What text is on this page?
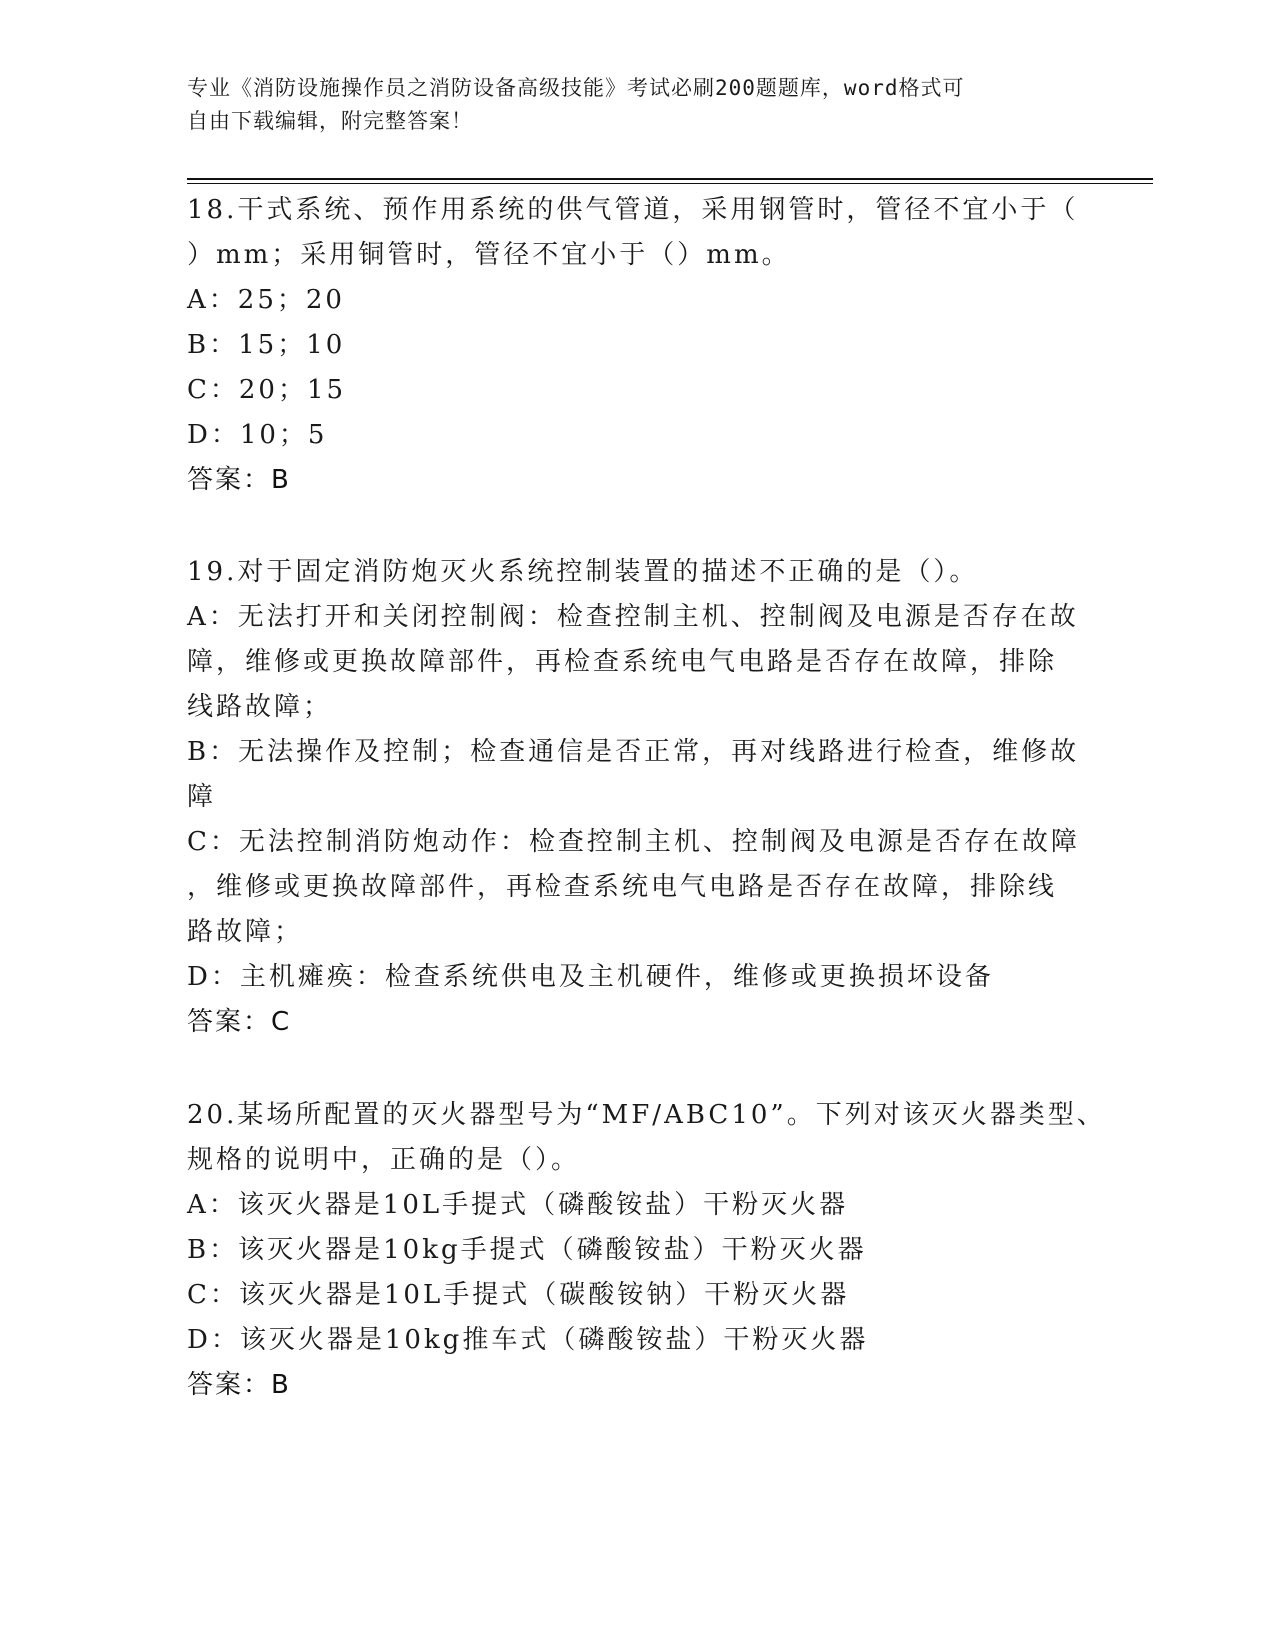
专业《消防设施操作员之消防设备高级技能》考试必刷200题题库，word格式可
自由下载编辑，附完整答案！

18.干式系统、预作用系统的供气管道，采用钢管时，管径不宜小于（

）mm；采用铜管时，管径不宜小于（）mm。

A：25；20

B：15；10

C：20；15

D：10；5

答案：B

19.对于固定消防炮灭火系统控制装置的描述不正确的是（）。

A：无法打开和关闭控制阀：检查控制主机、控制阀及电源是否存在故

障，维修或更换故障部件，再检查系统电气电路是否存在故障，排除

线路故障；

B：无法操作及控制；检查通信是否正常，再对线路进行检查，维修故

障

C：无法控制消防炮动作：检查控制主机、控制阀及电源是否存在故障

，维修或更换故障部件，再检查系统电气电路是否存在故障，排除线

路故障；

D：主机瘫痪：检查系统供电及主机硬件，维修或更换损坏设备

答案：C

20.某场所配置的灭火器型号为“MF/ABC10”。下列对该灭火器类型、

规格的说明中，正确的是（）。

A：该灭火器是10L手提式（磷酸铵盐）干粉灭火器

B：该灭火器是10kg手提式（磷酸铵盐）干粉灭火器

C：该灭火器是10L手提式（碳酸铵钠）干粉灭火器

D：该灭火器是10kg推车式（磷酸铵盐）干粉灭火器

答案：B
